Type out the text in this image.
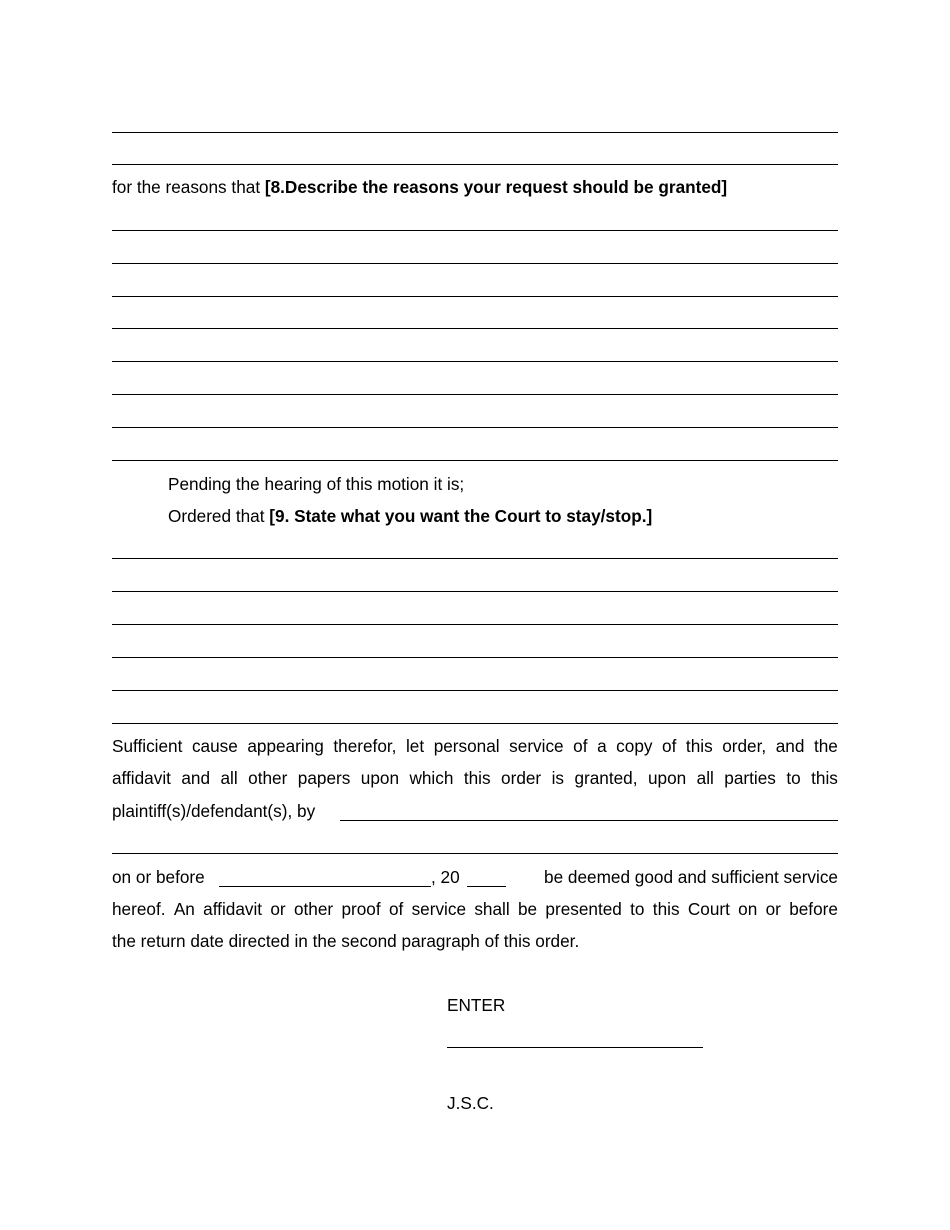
for the reasons that [8.Describe the reasons your request should be granted]
Pending the hearing of this motion it is;
Ordered that [9. State what you want the Court to stay/stop.]
Sufficient cause appearing therefor, let personal service of a copy of this order, and the
affidavit and all other papers upon which this order is granted, upon all parties to this
plaintiff(s)/defendant(s), by
on or before	, 20	be deemed good and sufficient service
hereof. An affidavit or other proof of service shall be presented to this Court on or before
the return date directed in the second paragraph of this order.
ENTER
J.S.C.
